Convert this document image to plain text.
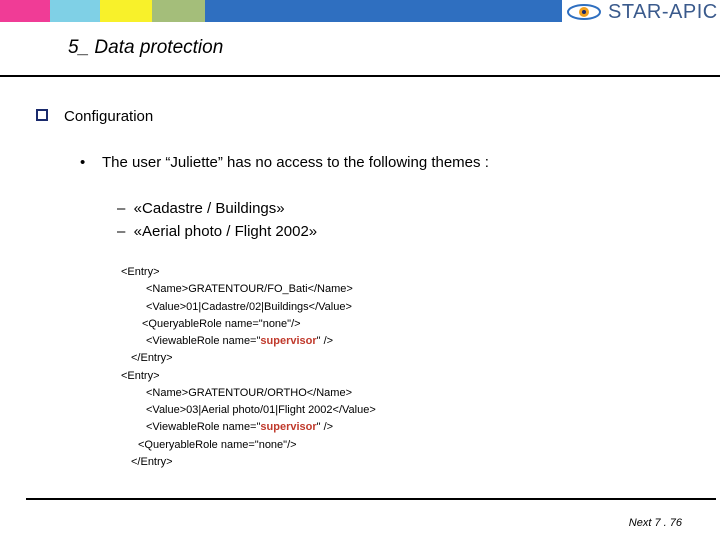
STAR-APIC
5_ Data protection
Configuration
• The user “Juliette” has no access to the following themes :
–  «Cadastre / Buildings»
–  «Aerial photo / Flight 2002»
<Entry>
<Name>GRATENTOUR/FO_Bati</Name>
<Value>01|Cadastre/02|Buildings</Value>
<QueryableRole name="none"/>
<ViewableRole name="supervisor" />
</Entry>
<Entry>
<Name>GRATENTOUR/ORTHO</Name>
<Value>03|Aerial photo/01|Flight 2002</Value>
<ViewableRole name="supervisor" />
<QueryableRole name="none"/>
</Entry>
Next 7 . 76
